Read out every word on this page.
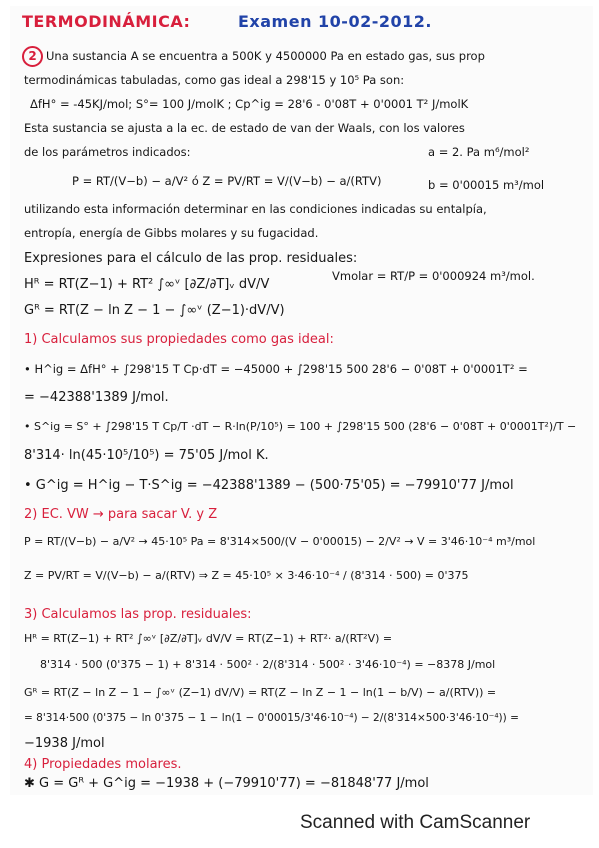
TERMODINÁMICA:	Examen 10-02-2012.
2 Una sustancia A se encuentra a 500K y 4500000 Pa en estado gas, sus prop
termodinámicas tabuladas, como gas ideal a 298'15 y 10⁵ Pa son:
ΔfH° = -45KJ/mol; S°= 100 J/molK ; Cp^ig = 28'6 - 0'08T + 0'0001 T² J/molK
Esta sustancia se ajusta a la ec. de estado de van der Waals, con los valores
de los parámetros indicados:	a = 2. Pa m⁶/mol²
P = RT/(V−b) − a/V² ó Z = PV/RT = V/(V−b) − a/(RTV)	b = 0'00015 m³/mol
utilizando esta información determinar en las condiciones indicadas su entalpía,
entropía, energía de Gibbs molares y su fugacidad.
Expresiones para el cálculo de las prop. residuales:
Hᴿ = RT(Z−1) + RT² ∫∞ᵛ [∂Z/∂T]ᵥ dV/V
Vmolar = RT/P = 0'000924 m³/mol.
Gᴿ = RT(Z − ln Z − 1 − ∫∞ᵛ (Z−1)·dV/V)
1) Calculamos sus propiedades como gas ideal:
• H^ig = ΔfH° + ∫298'15 T Cp·dT = −45000 + ∫298'15 500 28'6 − 0'08T + 0'0001T² =
= −42388'1389 J/mol.
• S^ig = S° + ∫298'15 T Cp/T ·dT − R·ln(P/10⁵) = 100 + ∫298'15 500 (28'6 − 0'08T + 0'0001T²)/T −
8'314· ln(45·10⁵/10⁵) = 75'05 J/mol K.
• G^ig = H^ig − T·S^ig = −42388'1389 − (500·75'05) = −79910'77 J/mol
2) EC. VW → para sacar V. y Z
P = RT/(V−b) − a/V² → 45·10⁵ Pa = 8'314×500/(V − 0'00015) − 2/V² → V = 3'46·10⁻⁴ m³/mol
Z = PV/RT = V/(V−b) − a/(RTV) ⇒ Z = 45·10⁵ × 3·46·10⁻⁴ / (8'314 · 500) = 0'375
3) Calculamos las prop. residuales:
Hᴿ = RT(Z−1) + RT² ∫∞ᵛ [∂Z/∂T]ᵥ dV/V = RT(Z−1) + RT²· a/(RT²V) =
8'314 · 500 (0'375 − 1) + 8'314 · 500² · 2/(8'314 · 500² · 3'46·10⁻⁴) = −8378 J/mol
Gᴿ = RT(Z − ln Z − 1 − ∫∞ᵛ (Z−1) dV/V) = RT(Z − ln Z − 1 − ln(1 − b/V) − a/(RTV)) =
= 8'314·500 (0'375 − ln 0'375 − 1 − ln(1 − 0'00015/3'46·10⁻⁴) − 2/(8'314×500·3'46·10⁻⁴)) =
−1938 J/mol
4) Propiedades molares.
✱ G = Gᴿ + G^ig = −1938 + (−79910'77) = −81848'77 J/mol
Scanned with CamScanner
